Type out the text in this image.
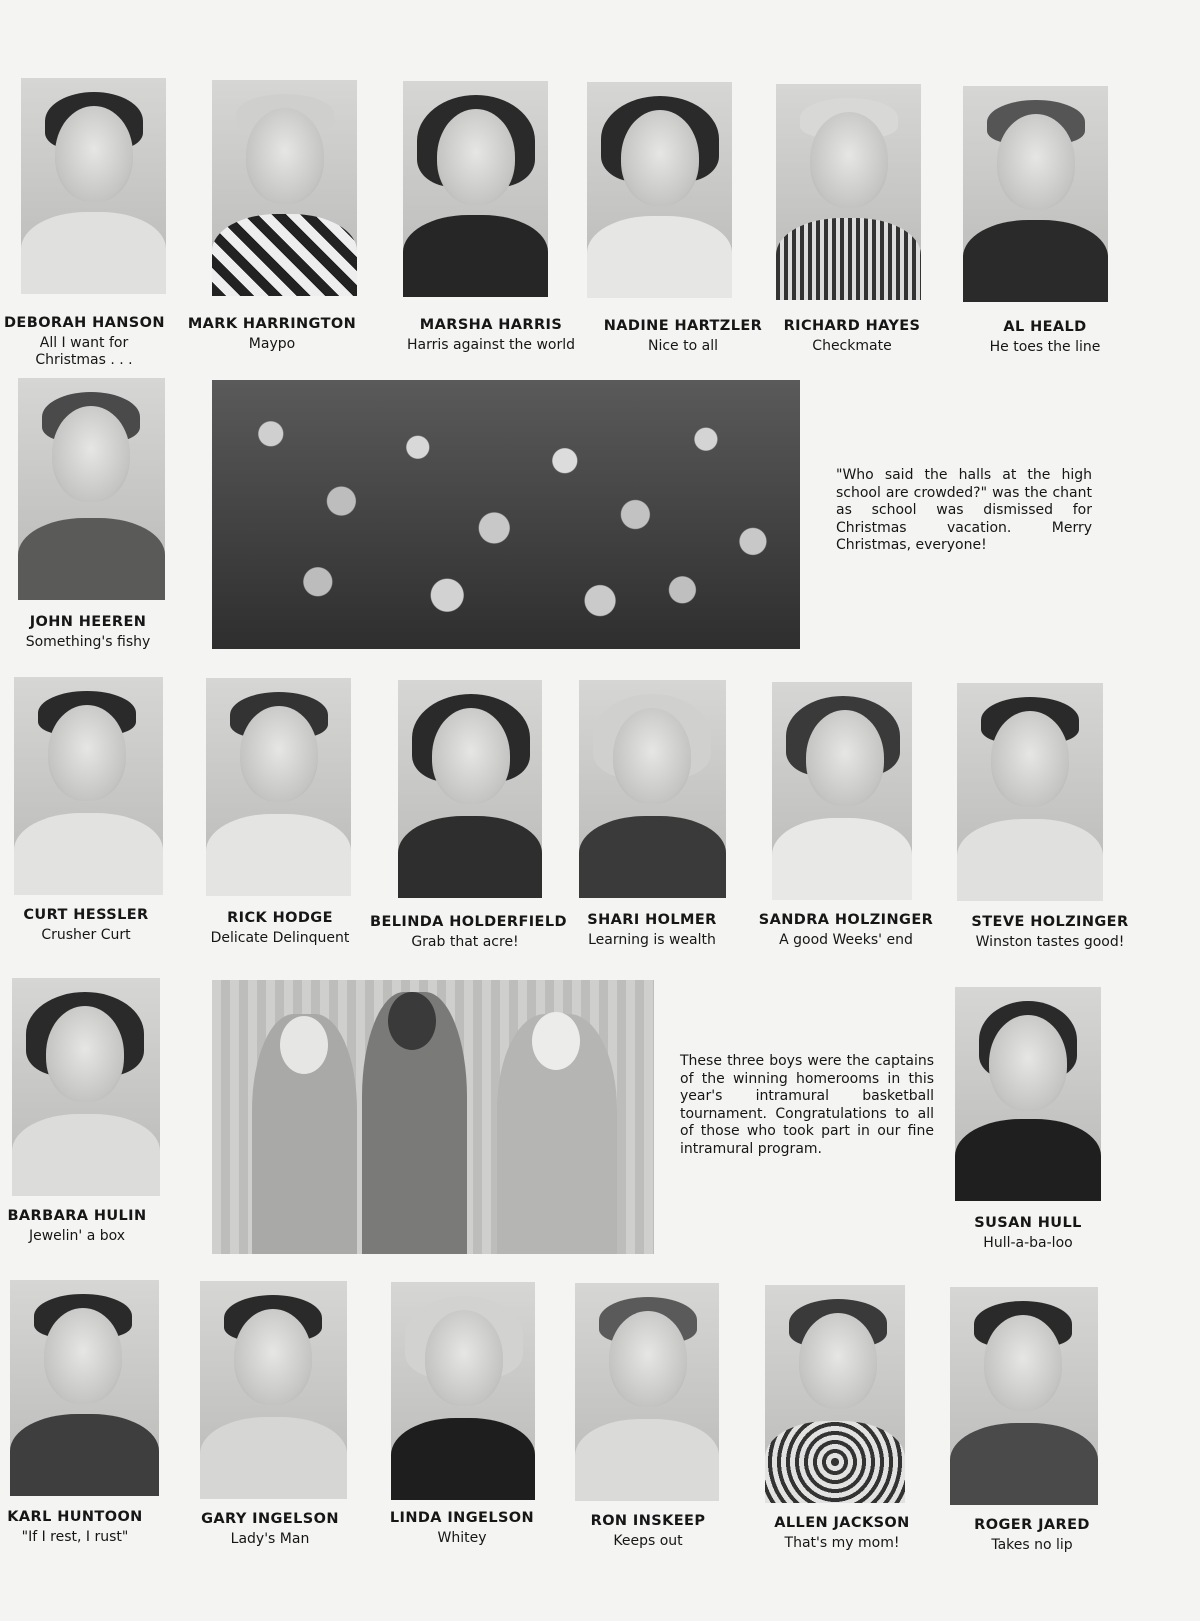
DEBORAH HANSON
All I want for Christmas . . .
MARK HARRINGTON
Maypo
MARSHA HARRIS
Harris against the world
NADINE HARTZLER
Nice to all
RICHARD HAYES
Checkmate
AL HEALD
He toes the line
JOHN HEEREN
Something's fishy
"Who said the halls at the high school are crowded?" was the chant as school was dismissed for Christmas vacation. Merry Christmas, everyone!
CURT HESSLER
Crusher Curt
RICK HODGE
Delicate Delinquent
BELINDA HOLDERFIELD
Grab that acre!
SHARI HOLMER
Learning is wealth
SANDRA HOLZINGER
A good Weeks' end
STEVE HOLZINGER
Winston tastes good!
BARBARA HULIN
Jewelin' a box
These three boys were the captains of the winning homerooms in this year's intramural basketball tournament. Congratulations to all of those who took part in our fine intramural program.
SUSAN HULL
Hull-a-ba-loo
KARL HUNTOON
"If I rest, I rust"
GARY INGELSON
Lady's Man
LINDA INGELSON
Whitey
RON INSKEEP
Keeps out
ALLEN JACKSON
That's my mom!
ROGER JARED
Takes no lip
